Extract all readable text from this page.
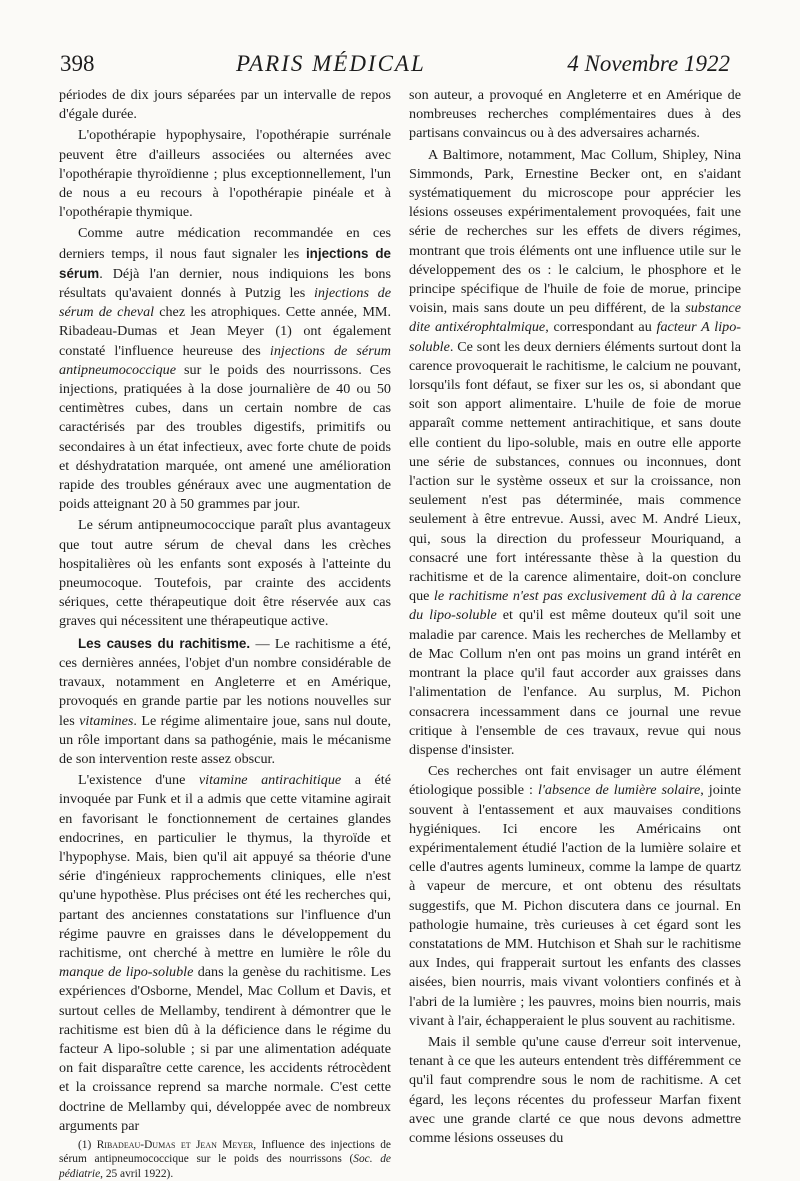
398	PARIS MÉDICAL	4 Novembre 1922

périodes de dix jours séparées par un intervalle de repos d'égale durée.

L'opothérapie hypophysaire, l'opothérapie surrénale peuvent être d'ailleurs associées ou alternées avec l'opothérapie thyroïdienne ; plus exceptionnellement, l'un de nous a eu recours à l'opothérapie pinéale et à l'opothérapie thymique.

Comme autre médication recommandée en ces derniers temps, il nous faut signaler les injections de sérum. Déjà l'an dernier, nous indiquions les bons résultats qu'avaient donnés à Putzig les injections de sérum de cheval chez les atrophiques. Cette année, MM. Ribadeau-Dumas et Jean Meyer (1) ont également constaté l'influence heureuse des injections de sérum antipneumococcique sur le poids des nourrissons. Ces injections, pratiquées à la dose journalière de 40 ou 50 centimètres cubes, dans un certain nombre de cas caractérisés par des troubles digestifs, primitifs ou secondaires à un état infectieux, avec forte chute de poids et déshydratation marquée, ont amené une amélioration rapide des troubles généraux avec une augmentation de poids atteignant 20 à 50 grammes par jour.

Le sérum antipneumococcique paraît plus avantageux que tout autre sérum de cheval dans les crèches hospitalières où les enfants sont exposés à l'atteinte du pneumocoque. Toutefois, par crainte des accidents sériques, cette thérapeutique doit être réservée aux cas graves qui nécessitent une thérapeutique active.

Les causes du rachitisme. — Le rachitisme a été, ces dernières années, l'objet d'un nombre considérable de travaux, notamment en Angleterre et en Amérique, provoqués en grande partie par les notions nouvelles sur les vitamines. Le régime alimentaire joue, sans nul doute, un rôle important dans sa pathogénie, mais le mécanisme de son intervention reste assez obscur.

L'existence d'une vitamine antirachitique a été invoquée par Funk et il a admis que cette vitamine agirait en favorisant le fonctionnement de certaines glandes endocrines, en particulier le thymus, la thyroïde et l'hypophyse. Mais, bien qu'il ait appuyé sa théorie d'une série d'ingénieux rapprochements cliniques, elle n'est qu'une hypothèse. Plus précises ont été les recherches qui, partant des anciennes constatations sur l'influence d'un régime pauvre en graisses dans le développement du rachitisme, ont cherché à mettre en lumière le rôle du manque de lipo-soluble dans la genèse du rachitisme. Les expériences d'Osborne, Mendel, Mac Collum et Davis, et surtout celles de Mellamby, tendirent à démontrer que le rachitisme est bien dû à la déficience dans le régime du facteur A lipo-soluble ; si par une alimentation adéquate on fait disparaître cette carence, les accidents rétrocèdent et la croissance reprend sa marche normale. C'est cette doctrine de Mellamby qui, développée avec de nombreux arguments par

(1) Ribadeau-Dumas et Jean Meyer, Influence des injections de sérum antipneumococcique sur le poids des nourrissons (Soc. de pédiatrie, 25 avril 1922).

son auteur, a provoqué en Angleterre et en Amérique de nombreuses recherches complémentaires dues à des partisans convaincus ou à des adversaires acharnés.

A Baltimore, notamment, Mac Collum, Shipley, Nina Simmonds, Park, Ernestine Becker ont, en s'aidant systématiquement du microscope pour apprécier les lésions osseuses expérimentalement provoquées, fait une série de recherches sur les effets de divers régimes, montrant que trois éléments ont une influence utile sur le développement des os : le calcium, le phosphore et le principe spécifique de l'huile de foie de morue, principe voisin, mais sans doute un peu différent, de la substance dite antixérophtalmique, correspondant au facteur A lipo-soluble. Ce sont les deux derniers éléments surtout dont la carence provoquerait le rachitisme, le calcium ne pouvant, lorsqu'ils font défaut, se fixer sur les os, si abondant que soit son apport alimentaire. L'huile de foie de morue apparaît comme nettement antirachitique, et sans doute elle contient du lipo-soluble, mais en outre elle apporte une série de substances, connues ou inconnues, dont l'action sur le système osseux et sur la croissance, non seulement n'est pas déterminée, mais commence seulement à être entrevue. Aussi, avec M. André Lieux, qui, sous la direction du professeur Mouriquand, a consacré une fort intéressante thèse à la question du rachitisme et de la carence alimentaire, doit-on conclure que le rachitisme n'est pas exclusivement dû à la carence du lipo-soluble et qu'il est même douteux qu'il soit une maladie par carence. Mais les recherches de Mellamby et de Mac Collum n'en ont pas moins un grand intérêt en montrant la place qu'il faut accorder aux graisses dans l'alimentation de l'enfance. Au surplus, M. Pichon consacrera incessamment dans ce journal une revue critique à l'ensemble de ces travaux, revue qui nous dispense d'insister.

Ces recherches ont fait envisager un autre élément étiologique possible : l'absence de lumière solaire, jointe souvent à l'entassement et aux mauvaises conditions hygiéniques. Ici encore les Américains ont expérimentalement étudié l'action de la lumière solaire et celle d'autres agents lumineux, comme la lampe de quartz à vapeur de mercure, et ont obtenu des résultats suggestifs, que M. Pichon discutera dans ce journal. En pathologie humaine, très curieuses à cet égard sont les constatations de MM. Hutchison et Shah sur le rachitisme aux Indes, qui frapperait surtout les enfants des classes aisées, bien nourris, mais vivant volontiers confinés et à l'abri de la lumière ; les pauvres, moins bien nourris, mais vivant à l'air, échapperaient le plus souvent au rachitisme.

Mais il semble qu'une cause d'erreur soit intervenue, tenant à ce que les auteurs entendent très différemment ce qu'il faut comprendre sous le nom de rachitisme. A cet égard, les leçons récentes du professeur Marfan fixent avec une grande clarté ce que nous devons admettre comme lésions osseuses du
